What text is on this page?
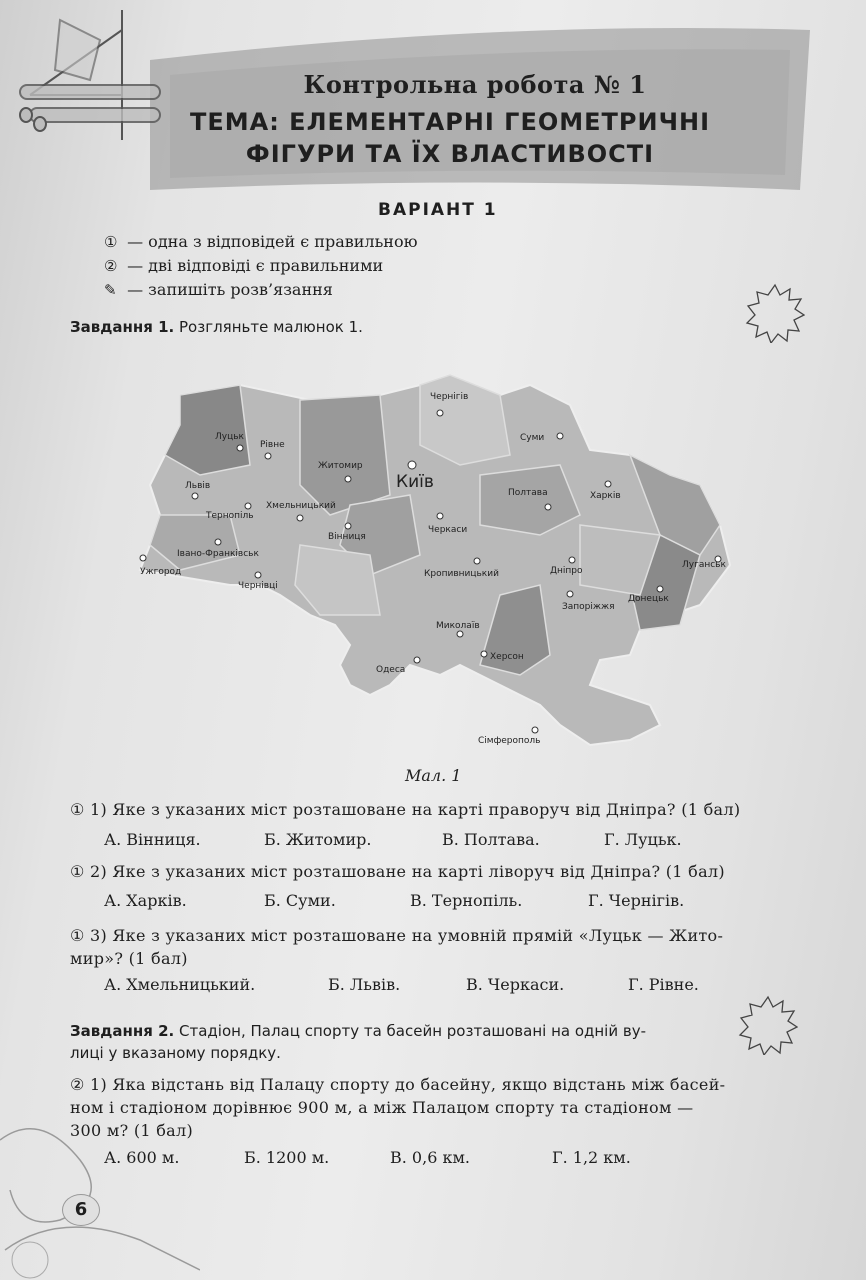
Контрольна робота № 1
ТЕМА: ЕЛЕМЕНТАРНІ ГЕОМЕТРИЧНІ
ФІГУРИ ТА ЇХ ВЛАСТИВОСТІ
ВАРІАНТ 1
① — одна з відповідей є правильною
② — дві відповіді є правильними
✎ — запишіть розв’язання
Завдання 1. Розгляньте малюнок 1.
Чернігів
Суми
Луцьк
Рівне
Житомир
Київ
Львів
Хмельницький
Тернопіль
Полтава	Харків
Черкаси
Вінниця
Івано-Франківськ
Ужгород
Луганськ
Дніпро
Кропивницький
Чернівці
Донецьк
Запоріжжя
Миколаїв
Херсон
Одеса
Сімферополь
Мал. 1
① 1) Яке з указаних міст розташоване на карті праворуч від Дніпра? (1 бал)
А. Вінниця.	Б. Житомир.	В. Полтава.	Г. Луцьк.
① 2) Яке з указаних міст розташоване на карті ліворуч від Дніпра? (1 бал)
А. Харків.	Б. Суми.	В. Тернопіль.	Г. Чернігів.
① 3) Яке з указаних міст розташоване на умовній прямій «Луцьк — Жито-
мир»? (1 бал)
А. Хмельницький.	Б. Львів.	В. Черкаси.	Г. Рівне.
Завдання 2. Стадіон, Палац спорту та басейн розташовані на одній ву-
лиці у вказаному порядку.
② 1) Яка відстань від Палацу спорту до басейну, якщо відстань між басей-
ном і стадіоном дорівнює 900 м, а між Палацом спорту та стадіоном —
300 м? (1 бал)
А. 600 м.	Б. 1200 м.	В. 0,6 км.	Г. 1,2 км.
6
